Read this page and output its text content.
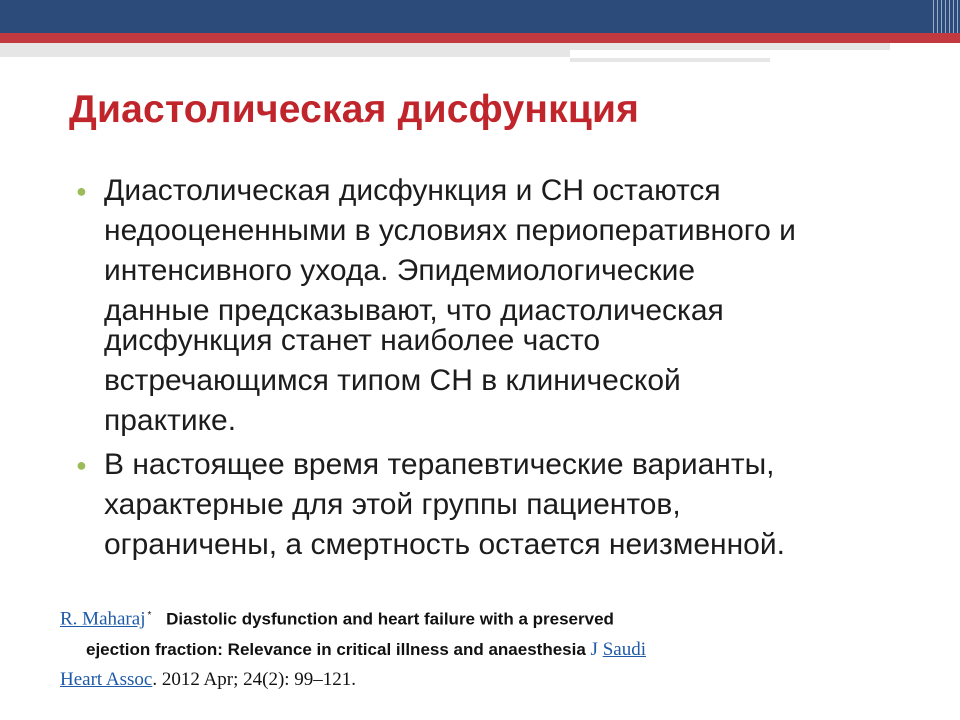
Диастолическая дисфункция
● Диастолическая дисфункция и СН остаются
недооцененными в условиях периоперативного и
интенсивного ухода. Эпидемиологические
данные предсказывают, что диастолическая
дисфункция станет наиболее часто
встречающимся типом СН в клинической
практике.
● В настоящее время терапевтические варианты,
характерные для этой группы пациентов,
ограничены, а смертность остается неизменной.
R. Maharaj * Diastolic dysfunction and heart failure with a preserved
ejection fraction: Relevance in critical illness and anaesthesia J Saudi
Heart Assoc. 2012 Apr; 24(2): 99–121.
